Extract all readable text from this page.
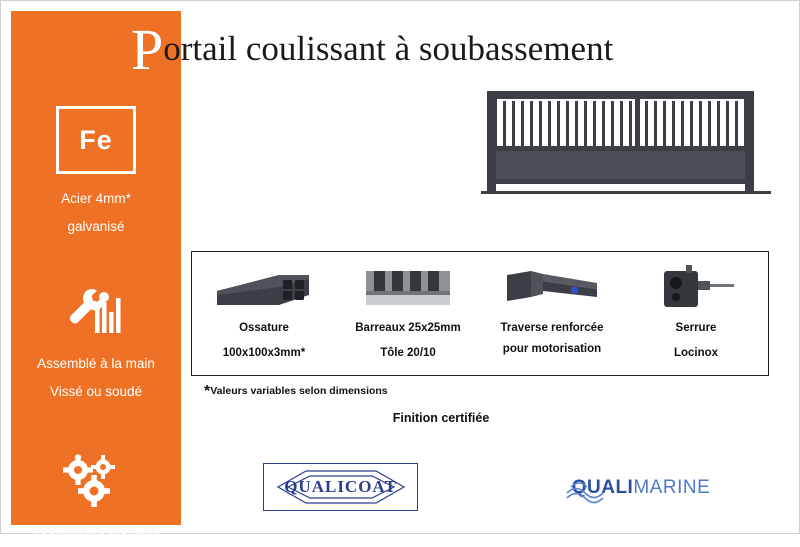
Fe
Acier 4mm*
galvanisé
Assemblé à la main
Vissé ou soudé
Accessoires robustes
Portail coulissant à soubassement
Ossature
100x100x3mm*
Barreaux 25x25mm
Tôle 20/10
Traverse renforcée
pour motorisation
Serrure
Locinox
*Valeurs variables selon dimensions
Finition certifiée
QUALICOAT	QUALIMARINE
